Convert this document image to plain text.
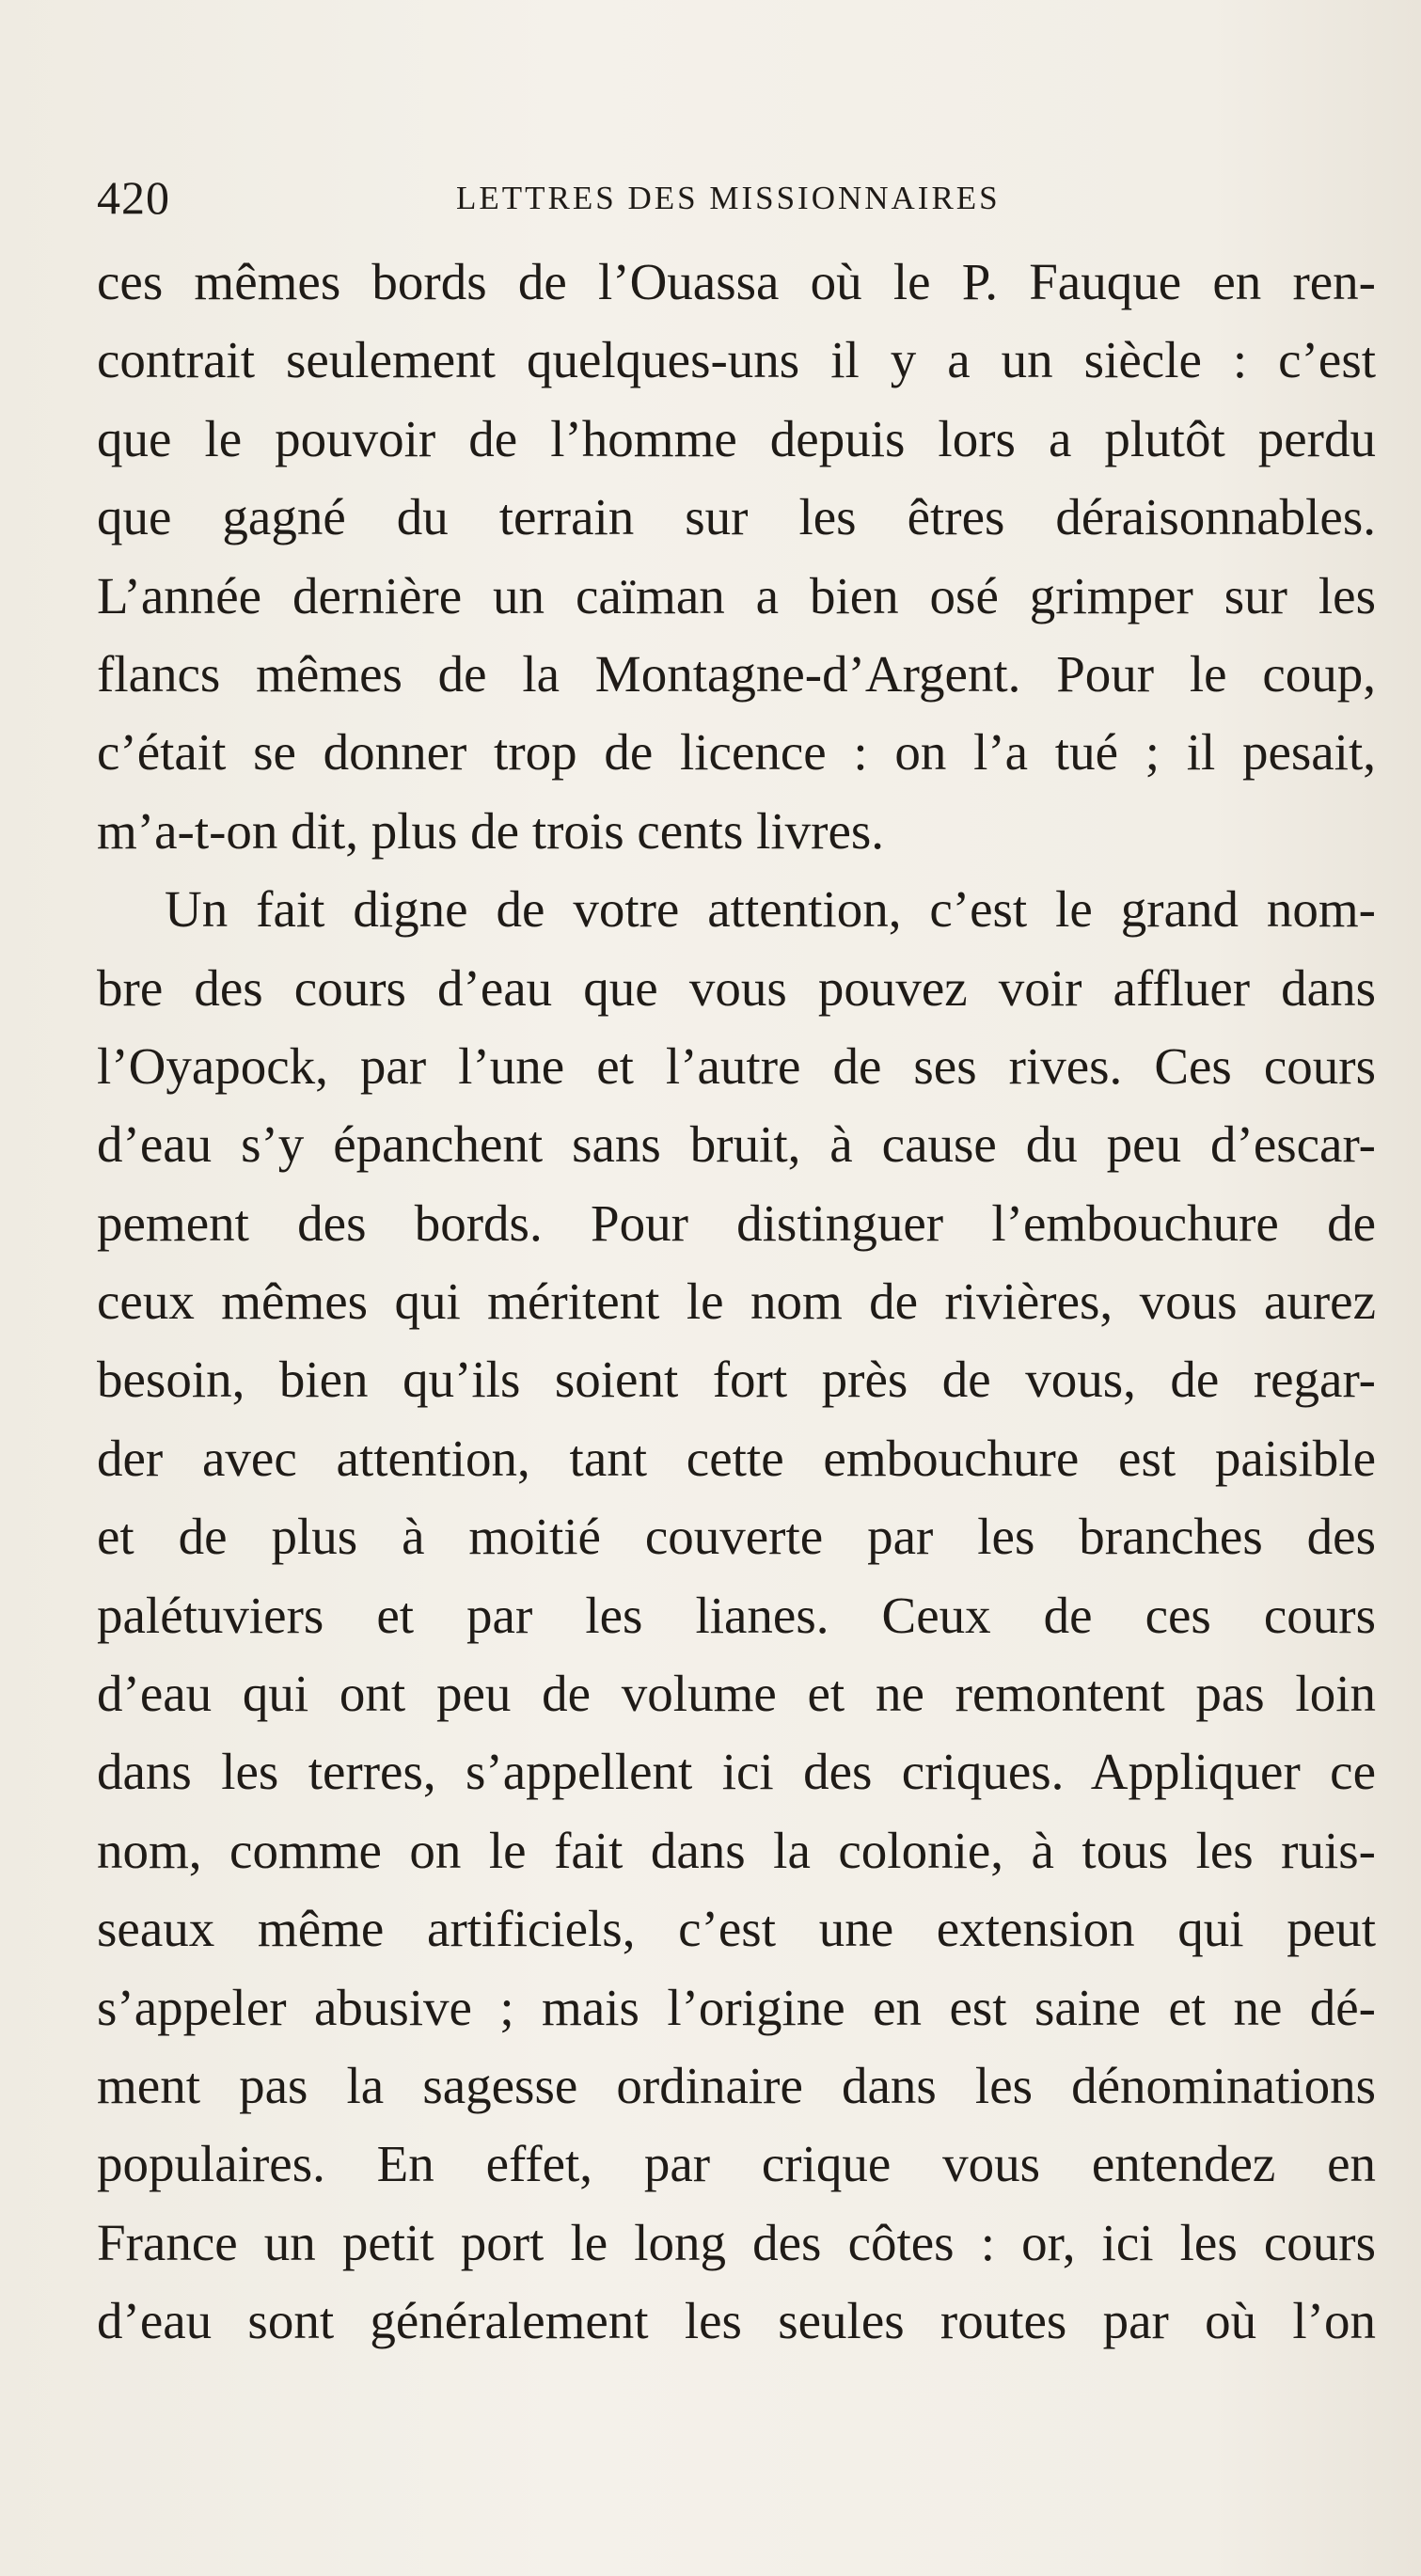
420	LETTRES DES MISSIONNAIRES
ces mêmes bords de l’Ouassa où le P. Fauque en ren-
contrait seulement quelques-uns il y a un siècle : c’est
que le pouvoir de l’homme depuis lors a plutôt perdu
que gagné du terrain sur les êtres déraisonnables.
L’année dernière un caïman a bien osé grimper sur les
flancs mêmes de la Montagne-d’Argent. Pour le coup,
c’était se donner trop de licence : on l’a tué ; il pesait,
m’a-t-on dit, plus de trois cents livres.
Un fait digne de votre attention, c’est le grand nom-
bre des cours d’eau que vous pouvez voir affluer dans
l’Oyapock, par l’une et l’autre de ses rives. Ces cours
d’eau s’y épanchent sans bruit, à cause du peu d’escar-
pement des bords. Pour distinguer l’embouchure de
ceux mêmes qui méritent le nom de rivières, vous aurez
besoin, bien qu’ils soient fort près de vous, de regar-
der avec attention, tant cette embouchure est paisible
et de plus à moitié couverte par les branches des
palétuviers et par les lianes. Ceux de ces cours
d’eau qui ont peu de volume et ne remontent pas loin
dans les terres, s’appellent ici des criques. Appliquer ce
nom, comme on le fait dans la colonie, à tous les ruis-
seaux même artificiels, c’est une extension qui peut
s’appeler abusive ; mais l’origine en est saine et ne dé-
ment pas la sagesse ordinaire dans les dénominations
populaires. En effet, par crique vous entendez en
France un petit port le long des côtes : or, ici les cours
d’eau sont généralement les seules routes par où l’on
